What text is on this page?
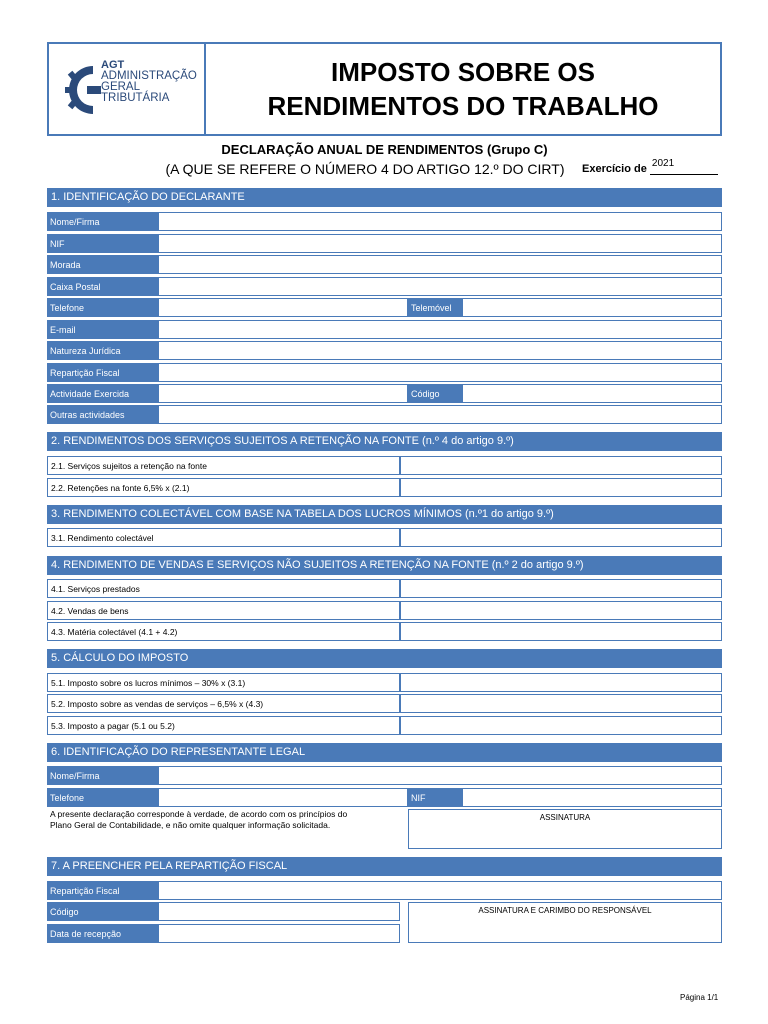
AGT
ADMINISTRAÇÃO
GERAL
TRIBUTÁRIA
IMPOSTO SOBRE OS
RENDIMENTOS DO TRABALHO
DECLARAÇÃO ANUAL DE RENDIMENTOS (Grupo C)
(A QUE SE REFERE O NÚMERO 4 DO ARTIGO 12.º DO CIRT)	Exercício de 2021
1. IDENTIFICAÇÃO DO DECLARANTE
Nome/Firma
NIF
Morada
Caixa Postal
Telefone	Telemóvel
E-mail
Natureza Jurídica
Repartição Fiscal
Actividade Exercida	Código
Outras actividades
2. RENDIMENTOS DOS SERVIÇOS SUJEITOS A RETENÇÃO NA FONTE (n.º 4 do artigo 9.º)
2.1. Serviços sujeitos a retenção na fonte
2.2. Retenções na fonte 6,5% x (2.1)
3. RENDIMENTO COLECTÁVEL COM BASE NA TABELA DOS LUCROS MÍNIMOS (n.º1 do artigo 9.º)
3.1. Rendimento colectável
4. RENDIMENTO DE VENDAS E SERVIÇOS NÃO SUJEITOS A RETENÇÃO NA FONTE (n.º 2 do artigo 9.º)
4.1. Serviços prestados
4.2. Vendas de bens
4.3. Matéria colectável (4.1 + 4.2)
5. CÁLCULO DO IMPOSTO
5.1. Imposto sobre os lucros mínimos – 30% x (3.1)
5.2. Imposto sobre as vendas de serviços – 6,5% x (4.3)
5.3. Imposto a pagar (5.1 ou 5.2)
6. IDENTIFICAÇÃO DO REPRESENTANTE LEGAL
Nome/Firma
Telefone	NIF
A presente declaração corresponde à verdade, de acordo com os princípios do
Plano Geral de Contabilidade, e não omite qualquer informação solicitada.
ASSINATURA
7. A PREENCHER PELA REPARTIÇÃO FISCAL
Repartição Fiscal
Código
Data de recepção
ASSINATURA E CARIMBO DO RESPONSÁVEL
Página 1/1
